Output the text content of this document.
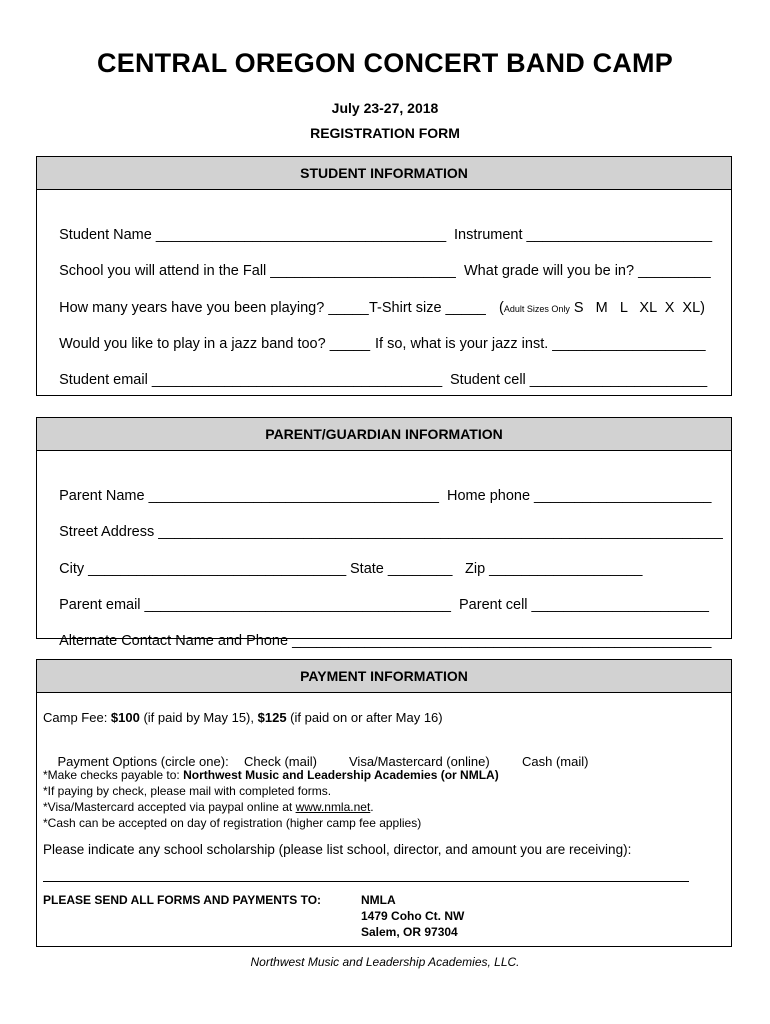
CENTRAL OREGON CONCERT BAND CAMP
July 23-27, 2018
REGISTRATION FORM
STUDENT INFORMATION

Student Name ____________________________________ Instrument _______________________

School you will attend in the Fall _______________________ What grade will you be in? _________

How many years have you been playing? _____ T-Shirt size _____ (Adult Sizes Only S   M   L   XL  X  XL)

Would you like to play in a jazz band too? _____ If so, what is your jazz inst. ___________________

Student email ____________________________________ Student cell ______________________

PARENT/GUARDIAN INFORMATION

Parent Name ____________________________________ Home phone ______________________

Street Address ______________________________________________________________________

City ________________________________ State ________ Zip ___________________

Parent email ______________________________________ Parent cell ______________________

Alternate Contact Name and Phone ____________________________________________________

PAYMENT INFORMATION
Camp Fee: $100 (if paid by May 15), $125 (if paid on or after May 16)

Payment Options (circle one): Check (mail) Visa/Mastercard (online) Cash (mail)

*Make checks payable to: Northwest Music and Leadership Academies (or NMLA)
*If paying by check, please mail with completed forms.
*Visa/Mastercard accepted via paypal online at www.nmla.net.
*Cash can be accepted on day of registration (higher camp fee applies)
Please indicate any school scholarship (please list school, director, and amount you are receiving):
PLEASE SEND ALL FORMS AND PAYMENTS TO:	NMLA
1479 Coho Ct. NW
Salem, OR 97304
Northwest Music and Leadership Academies, LLC.
